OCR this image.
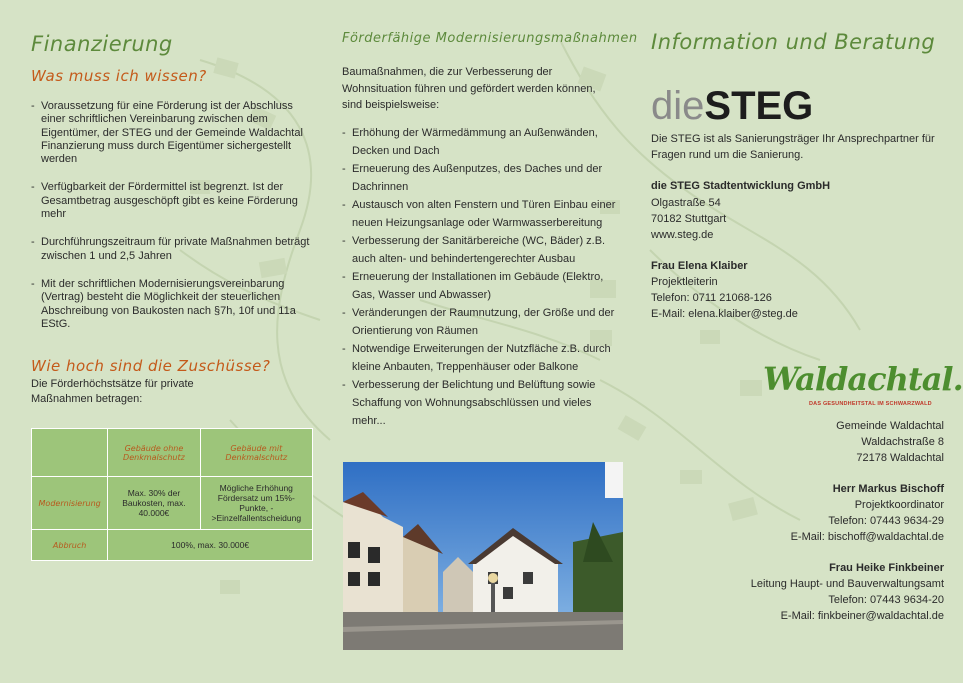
Finanzierung
Was muss ich wissen?
- Voraussetzung für eine Förderung ist der Abschluss einer schriftlichen Vereinbarung zwischen dem Eigentümer, der STEG und der Gemeinde Waldachtal Finanzierung muss durch Eigentümer sichergestellt werden
- Verfügbarkeit der Fördermittel ist begrenzt. Ist der Gesamtbetrag ausgeschöpft gibt es keine Förderung mehr
- Durchführungszeitraum für private Maßnahmen beträgt zwischen 1 und 2,5 Jahren
- Mit der schriftlichen Modernisierungsvereinbarung (Vertrag) besteht die Möglichkeit der steuerlichen Abschreibung von Baukosten nach §7h, 10f und 11a EStG.
Wie hoch sind die Zuschüsse?
Die Förderhöchstsätze für private
Maßnahmen betragen:
	Gebäude ohne Denkmalschutz	Gebäude mit Denkmalschutz
Modernisierung	Max. 30% der Baukosten, max. 40.000€	Mögliche Erhöhung Fördersatz um 15%-Punkte, ->Einzelfallentscheidung
Abbruch	100%, max. 30.000€	
Förderfähige Modernisierungsmaßnahmen
Baumaßnahmen, die zur Verbesserung der Wohnsituation führen und gefördert werden können, sind beispielsweise:
- Erhöhung der Wärmedämmung an Außenwänden, Decken und Dach
- Erneuerung des Außenputzes, des Daches und der Dachrinnen
- Austausch von alten Fenstern und Türen Einbau einer neuen Heizungsanlage oder Warmwasserbereitung
- Verbesserung der Sanitärbereiche (WC, Bäder) z.B. auch alten- und behindertengerechter Ausbau
- Erneuerung der Installationen im Gebäude (Elektro, Gas, Wasser und Abwasser)
- Veränderungen der Raumnutzung, der Größe und der Orientierung von Räumen
- Notwendige Erweiterungen der Nutzfläche z.B. durch kleine Anbauten, Treppenhäuser oder Balkone
- Verbesserung der Belichtung und Belüftung sowie Schaffung von Wohnungsabschlüssen und vieles mehr...
Information und Beratung
dieSTEG
Die STEG ist als Sanierungsträger Ihr Ansprechpartner für Fragen rund um die Sanierung.
die STEG Stadtentwicklung GmbH
Olgastraße 54
70182 Stuttgart
www.steg.de
Frau Elena Klaiber
Projektleiterin
Telefon: 0711 21068-126
E-Mail: elena.klaiber@steg.de
Waldachtal.
DAS GESUNDHEITSTAL IM SCHWARZWALD
Gemeinde Waldachtal
Waldachstraße 8
72178 Waldachtal
Herr Markus Bischoff
Projektkoordinator
Telefon: 07443 9634-29
E-Mail: bischoff@waldachtal.de
Frau Heike Finkbeiner
Leitung Haupt- und Bauverwaltungsamt
Telefon: 07443 9634-20
E-Mail: finkbeiner@waldachtal.de
